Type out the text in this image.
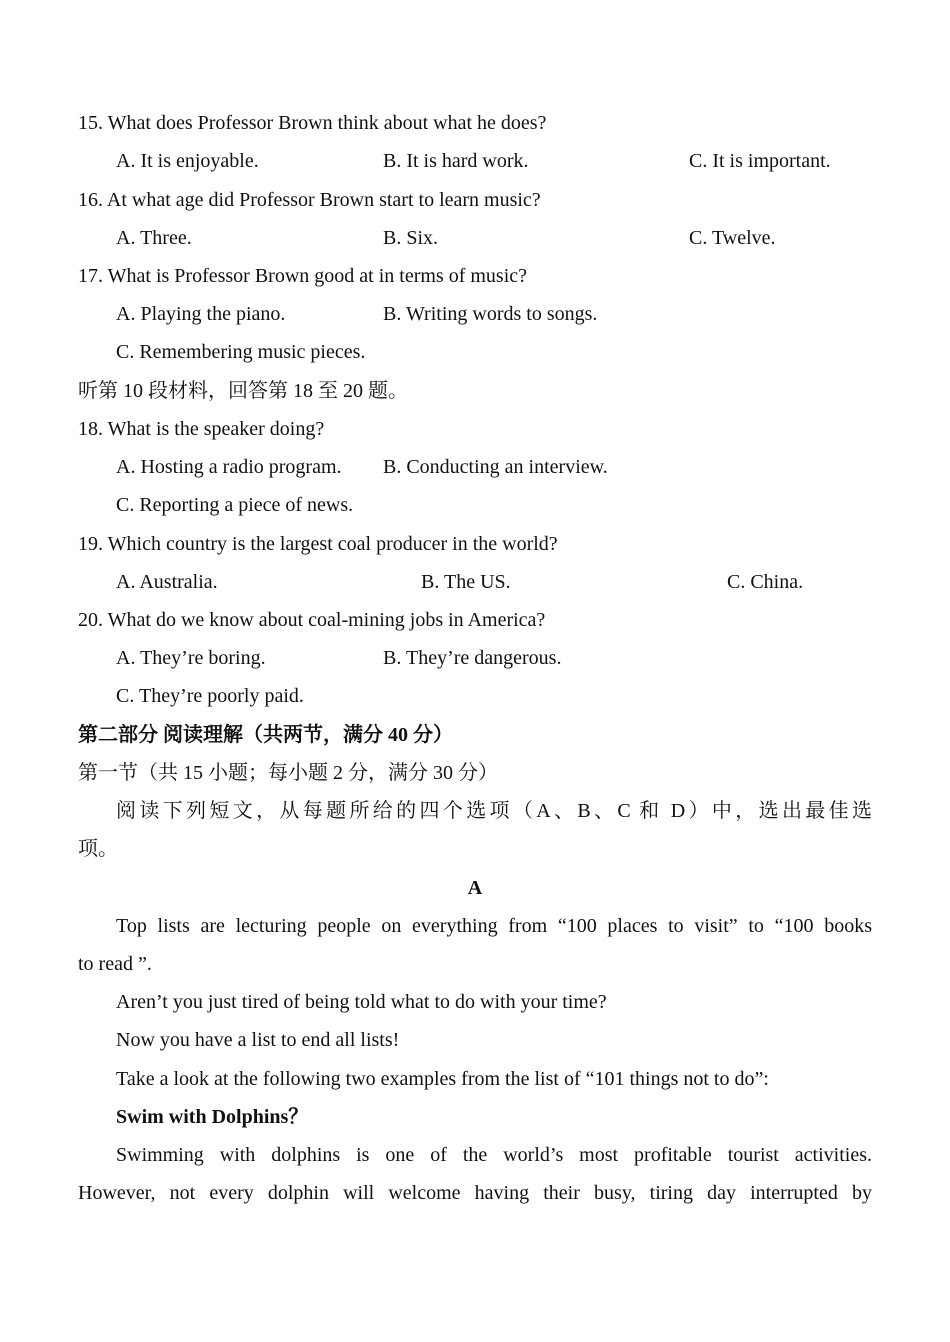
15. What does Professor Brown think about what he does?
A. It is enjoyable.	B. It is hard work.	C. It is important.
16. At what age did Professor Brown start to learn music?
A. Three.	B. Six.	C. Twelve.
17. What is Professor Brown good at in terms of music?
A. Playing the piano.	B. Writing words to songs.
C. Remembering music pieces.
听第 10 段材料，回答第 18 至 20 题。
18. What is the speaker doing?
A. Hosting a radio program. B. Conducting an interview.
C. Reporting a piece of news.
19. Which country is the largest coal producer in the world?
A. Australia.	B. The US.	C. China.
20. What do we know about coal-mining jobs in America?
A. They’re boring.	B. They’re dangerous.
C. They’re poorly paid.
第二部分 阅读理解（共两节，满分 40 分）
第一节（共 15 小题；每小题 2 分，满分 30 分）
阅读下列短文，从每题所给的四个选项（A、B、C 和 D）中，选出最佳选
项。
A
Top lists are lecturing people on everything from “100 places to visit” to “100 books
to read ”.
Aren’t you just tired of being told what to do with your time?
Now you have a list to end all lists!
Take a look at the following two examples from the list of “101 things not to do”:
Swim with Dolphins？
Swimming with dolphins is one of the world’s most profitable tourist activities.
However, not every dolphin will welcome having their busy, tiring day interrupted by
